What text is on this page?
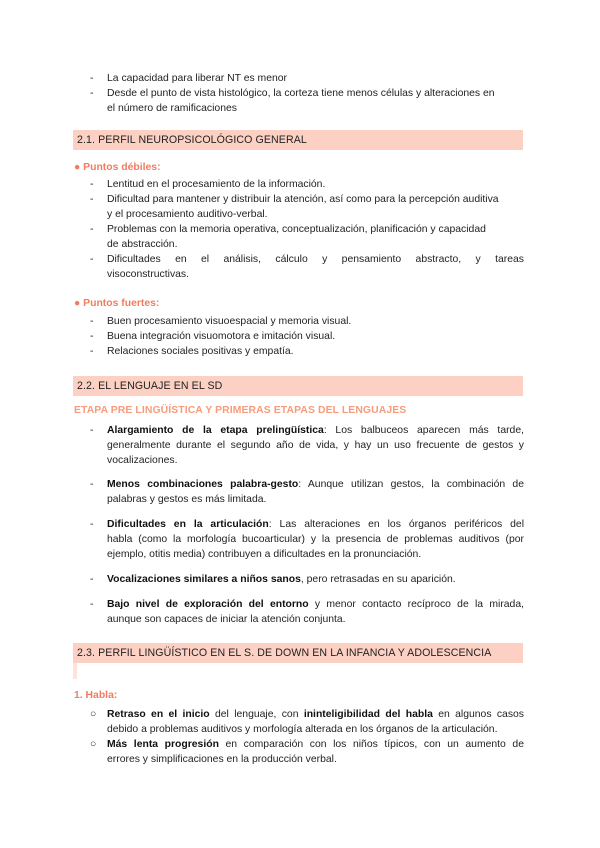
- La capacidad para liberar NT es menor
- Desde el punto de vista histológico, la corteza tiene menos células y alteraciones en
el número de ramificaciones
2.1. PERFIL NEUROPSICOLÓGICO GENERAL
● Puntos débiles:
- Lentitud en el procesamiento de la información.
- Dificultad para mantener y distribuir la atención, así como para la percepción auditiva
y el procesamiento auditivo-verbal.
- Problemas con la memoria operativa, conceptualización, planificación y capacidad
de abstracción.
- Dificultades en el análisis, cálculo y pensamiento abstracto, y tareas
visoconstructivas.
● Puntos fuertes:
- Buen procesamiento visuoespacial y memoria visual.
- Buena integración visuomotora e imitación visual.
- Relaciones sociales positivas y empatía.
2.2. EL LENGUAJE EN EL SD
ETAPA PRE LINGÜÍSTICA Y PRIMERAS ETAPAS DEL LENGUAJES
- Alargamiento de la etapa prelingüística: Los balbuceos aparecen más tarde,
generalmente durante el segundo año de vida, y hay un uso frecuente de gestos y
vocalizaciones.
- Menos combinaciones palabra-gesto: Aunque utilizan gestos, la combinación de
palabras y gestos es más limitada.
- Dificultades en la articulación: Las alteraciones en los órganos periféricos del
habla (como la morfología bucoarticular) y la presencia de problemas auditivos (por
ejemplo, otitis media) contribuyen a dificultades en la pronunciación.
- Vocalizaciones similares a niños sanos, pero retrasadas en su aparición.
- Bajo nivel de exploración del entorno y menor contacto recíproco de la mirada,
aunque son capaces de iniciar la atención conjunta.
2.3. PERFIL LINGÜÍSTICO EN EL S. DE DOWN EN LA INFANCIA Y ADOLESCENCIA
1. Habla:
○ Retraso en el inicio del lenguaje, con ininteligibilidad del habla en algunos casos
debido a problemas auditivos y morfología alterada en los órganos de la articulación.
○ Más lenta progresión en comparación con los niños típicos, con un aumento de
errores y simplificaciones en la producción verbal.
